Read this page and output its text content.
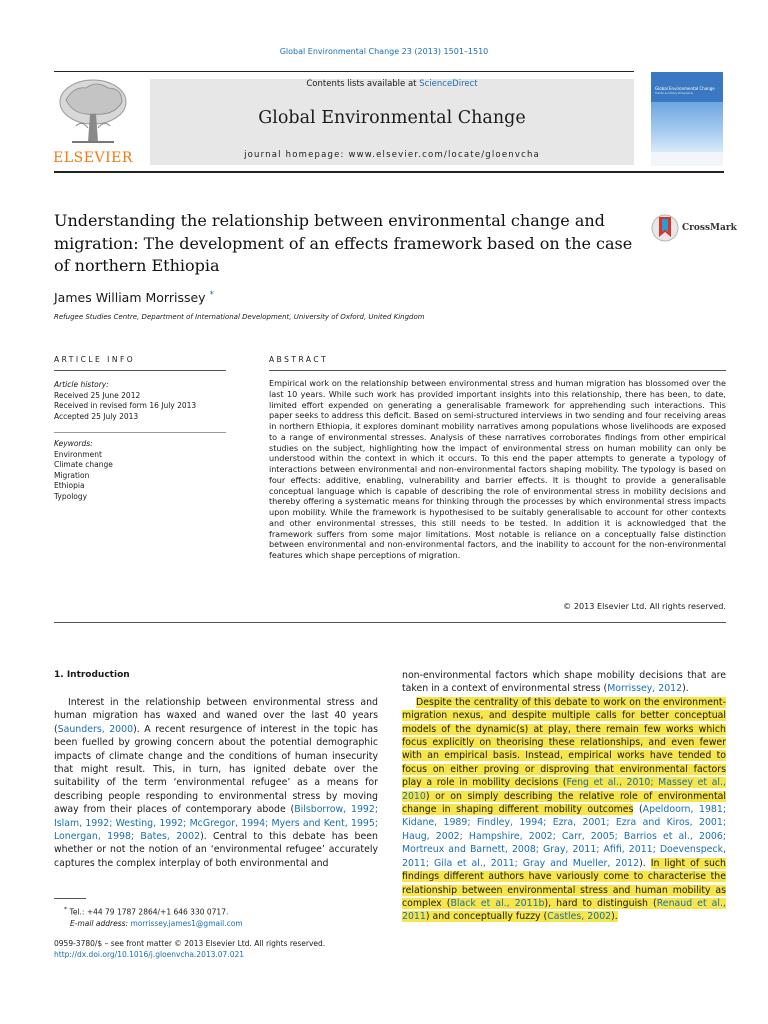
Global Environmental Change 23 (2013) 1501–1510
ELSEVIER
Contents lists available at ScienceDirect
Global Environmental Change
journal homepage: www.elsevier.com/locate/gloenvcha
Global Environmental Change
Human and Policy Dimensions
Understanding the relationship between environmental change and migration: The development of an effects framework based on the case of northern Ethiopia
CrossMark
James William Morrissey *
Refugee Studies Centre, Department of International Development, University of Oxford, United Kingdom
ARTICLE INFO	ABSTRACT
Article history:
Received 25 June 2012
Received in revised form 16 July 2013
Accepted 25 July 2013
Keywords:
Environment
Climate change
Migration
Ethiopia
Typology
Empirical work on the relationship between environmental stress and human migration has blossomed over the last 10 years. While such work has provided important insights into this relationship, there has been, to date, limited effort expended on generating a generalisable framework for apprehending such interactions. This paper seeks to address this deficit. Based on semi-structured interviews in two sending and four receiving areas in northern Ethiopia, it explores dominant mobility narratives among populations whose livelihoods are exposed to a range of environmental stresses. Analysis of these narratives corroborates findings from other empirical studies on the subject, highlighting how the impact of environmental stress on human mobility can only be understood within the context in which it occurs. To this end the paper attempts to generate a typology of interactions between environmental and non-environmental factors shaping mobility. The typology is based on four effects: additive, enabling, vulnerability and barrier effects. It is thought to provide a generalisable conceptual language which is capable of describing the role of environmental stress in mobility decisions and thereby offering a systematic means for thinking through the processes by which environmental stress impacts upon mobility. While the framework is hypothesised to be suitably generalisable to account for other contexts and other environmental stresses, this still needs to be tested. In addition it is acknowledged that the framework suffers from some major limitations. Most notable is reliance on a conceptually false distinction between environmental and non-environmental factors, and the inability to account for the non-environmental features which shape perceptions of migration.
© 2013 Elsevier Ltd. All rights reserved.
1. Introduction
Interest in the relationship between environmental stress and human migration has waxed and waned over the last 40 years (Saunders, 2000). A recent resurgence of interest in the topic has been fuelled by growing concern about the potential demographic impacts of climate change and the conditions of human insecurity that might result. This, in turn, has ignited debate over the suitability of the term ‘environmental refugee’ as a means for describing people responding to environmental stress by moving away from their places of contemporary abode (Bilsborrow, 1992; Islam, 1992; Westing, 1992; McGregor, 1994; Myers and Kent, 1995; Lonergan, 1998; Bates, 2002). Central to this debate has been whether or not the notion of an ‘environmental refugee’ accurately captures the complex interplay of both environmental and
non-environmental factors which shape mobility decisions that are taken in a context of environmental stress (Morrissey, 2012).
Despite the centrality of this debate to work on the environment-migration nexus, and despite multiple calls for better conceptual models of the dynamic(s) at play, there remain few works which focus explicitly on theorising these relationships, and even fewer with an empirical basis. Instead, empirical works have tended to focus on either proving or disproving that environmental factors play a role in mobility decisions (Feng et al., 2010; Massey et al., 2010) or on simply describing the relative role of environmental change in shaping different mobility outcomes (Apeldoorn, 1981; Kidane, 1989; Findley, 1994; Ezra, 2001; Ezra and Kiros, 2001; Haug, 2002; Hampshire, 2002; Carr, 2005; Barrios et al., 2006; Mortreux and Barnett, 2008; Gray, 2011; Afifi, 2011; Doevenspeck, 2011; Gila et al., 2011; Gray and Mueller, 2012). In light of such findings different authors have variously come to characterise the relationship between environmental stress and human mobility as complex (Black et al., 2011b), hard to distinguish (Renaud et al., 2011) and conceptually fuzzy (Castles, 2002).
* Tel.: +44 79 1787 2864/+1 646 330 0717.
E-mail address: morrissey.james1@gmail.com
0959-3780/$ – see front matter © 2013 Elsevier Ltd. All rights reserved.
http://dx.doi.org/10.1016/j.gloenvcha.2013.07.021
